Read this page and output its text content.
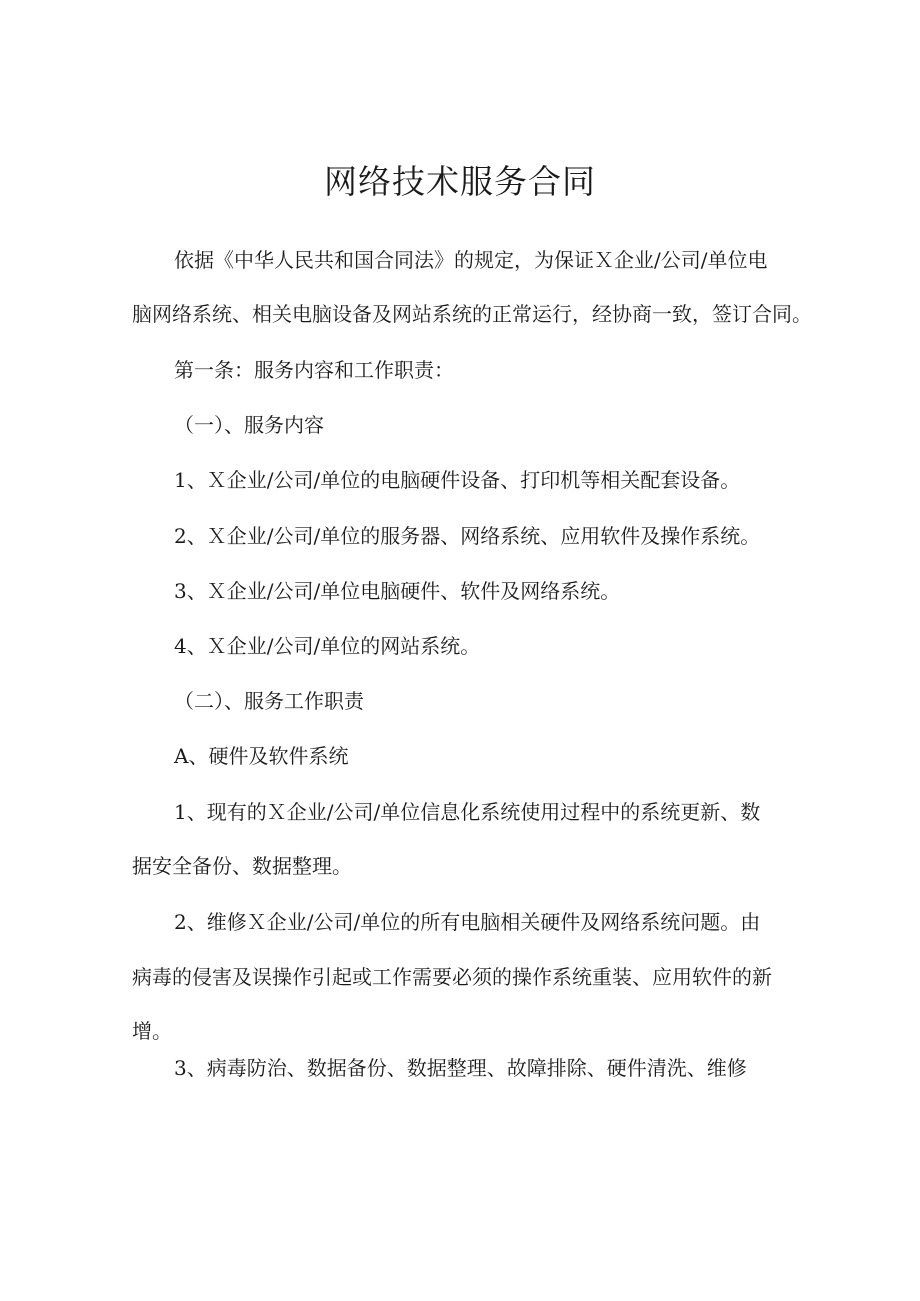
网络技术服务合同
依据《中华人民共和国合同法》的规定，为保证Ｘ企业/公司/单位电
脑网络系统、相关电脑设备及网站系统的正常运行，经协商一致，签订合同。
第一条：服务内容和工作职责：
（一）、服务内容
1、Ｘ企业/公司/单位的电脑硬件设备、打印机等相关配套设备。
2、Ｘ企业/公司/单位的服务器、网络系统、应用软件及操作系统。
3、Ｘ企业/公司/单位电脑硬件、软件及网络系统。
4、Ｘ企业/公司/单位的网站系统。
（二）、服务工作职责
A、硬件及软件系统
1、现有的Ｘ企业/公司/单位信息化系统使用过程中的系统更新、数
据安全备份、数据整理。
2、维修Ｘ企业/公司/单位的所有电脑相关硬件及网络系统问题。由
病毒的侵害及误操作引起或工作需要必须的操作系统重装、应用软件的新
增。
3、病毒防治、数据备份、数据整理、故障排除、硬件清洗、维修
